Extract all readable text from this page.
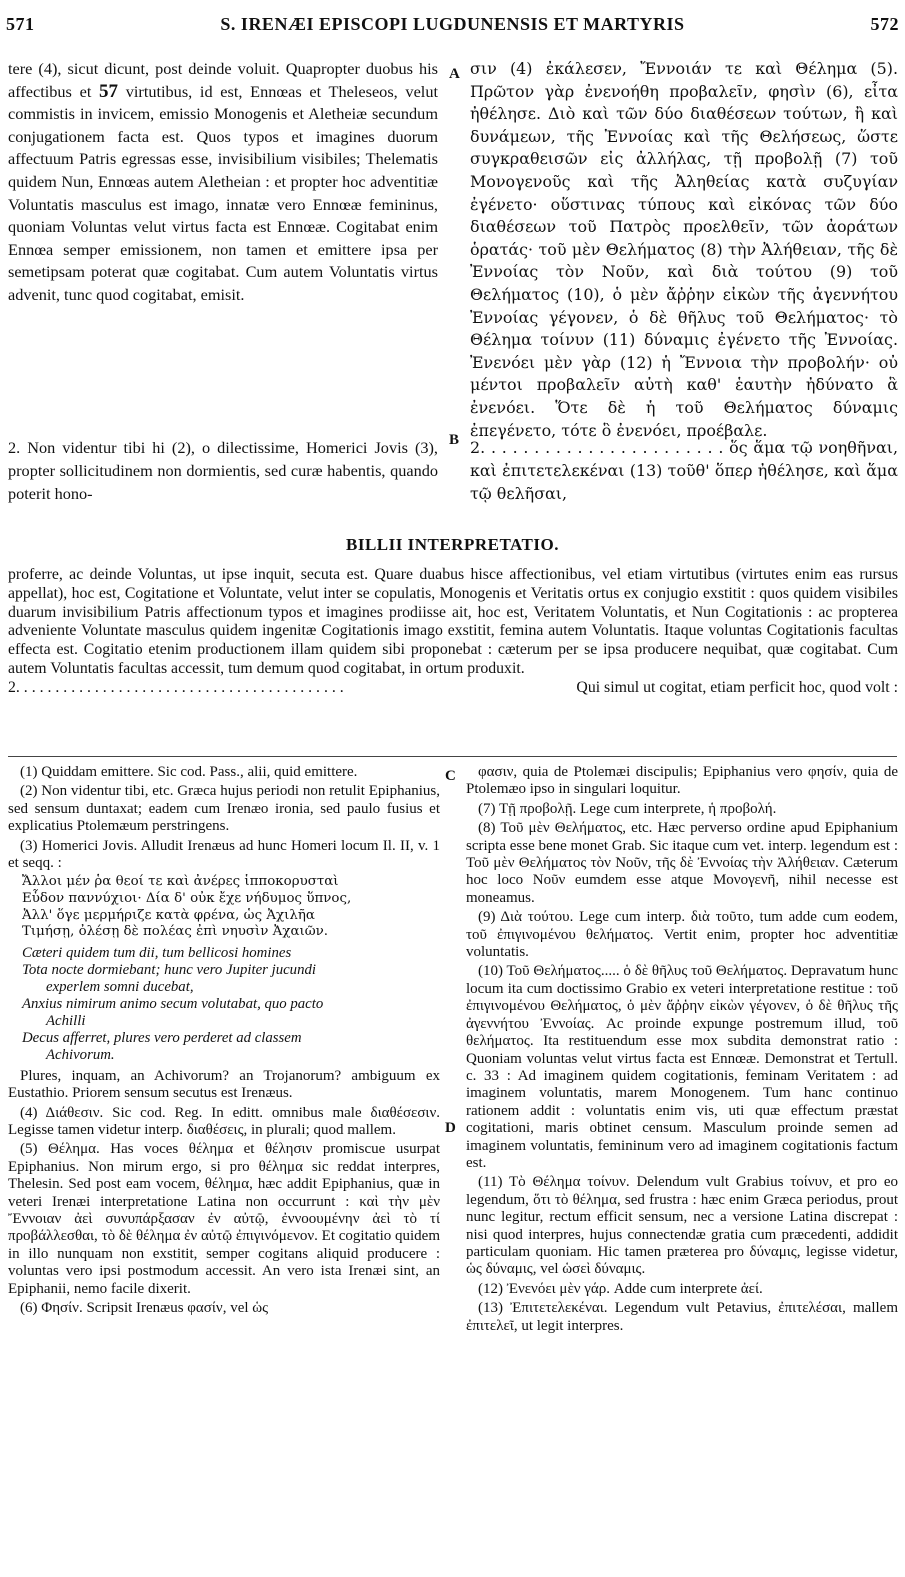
571	S. IRENÆI EPISCOPI LUGDUNENSIS ET MARTYRIS	572
A
B
C
D

tere (4), sicut dicunt, post deinde voluit. Quapropter duobus his affectibus et 57 virtutibus, id est, Ennœas et Theleseos, velut commistis in invicem, emissio Monogenis et Aletheiæ secundum conjugationem facta est. Quos typos et imagines duorum affectuum Patris egressas esse, invisibilium visibiles; Thelematis quidem Nun, Ennœas autem Aletheian : et propter hoc adventitiæ Voluntatis masculus est imago, innatæ vero Ennœæ femininus, quoniam Voluntas velut virtus facta est Ennœæ. Cogitabat enim Ennœa semper emissionem, non tamen et emittere ipsa per semetipsam poterat quæ cogitabat. Cum autem Voluntatis virtus advenit, tunc quod cogitabat, emisit.

σιν (4) ἐκάλεσεν, Ἔννοιάν τε καὶ Θέλημα (5). Πρῶτον γὰρ ἐνενοήθη προβαλεῖν, φησὶν (6), εἶτα ἠθέλησε. Διὸ καὶ τῶν δύο διαθέσεων τούτων, ἢ καὶ δυνάμεων, τῆς Ἐννοίας καὶ τῆς Θελήσεως, ὥστε συγκραθεισῶν εἰς ἀλλήλας, τῇ προβολῇ (7) τοῦ Μονογενοῦς καὶ τῆς Ἀληθείας κατὰ συζυγίαν ἐγένετο· οὕστινας τύπους καὶ εἰκόνας τῶν δύο διαθέσεων τοῦ Πατρὸς προελθεῖν, τῶν ἀοράτων ὁρατάς· τοῦ μὲν Θελήματος (8) τὴν Ἀλήθειαν, τῆς δὲ Ἐννοίας τὸν Νοῦν, καὶ διὰ τούτου (9) τοῦ Θελήματος (10), ὁ μὲν ἄῤῥην εἰκὼν τῆς ἀγεννήτου Ἐννοίας γέγονεν, ὁ δὲ θῆλυς τοῦ Θελήματος· τὸ Θέλημα τοίνυν (11) δύναμις ἐγένετο τῆς Ἐννοίας. Ἐνενόει μὲν γὰρ (12) ἡ Ἔννοια τὴν προβολήν· οὐ μέντοι προβαλεῖν αὐτὴ καθ' ἑαυτὴν ἠδύνατο ἃ ἐνενόει. Ὅτε δὲ ἡ τοῦ Θελήματος δύναμις ἐπεγένετο, τότε ὃ ἐνενόει, προέβαλε.

2. Non videntur tibi hi (2), o dilectissime, Homerici Jovis (3), propter sollicitudinem non dormientis, sed curæ habentis, quando poterit hono-

2. . . . . . . . . . . . . . . . . . . . . . . ὅς ἅμα τῷ νοηθῆναι, καὶ ἐπιτετελεκέναι (13) τοῦθ' ὅπερ ἠθέλησε, καὶ ἅμα τῷ θελῆσαι,

BILLII INTERPRETATIO.

proferre, ac deinde Voluntas, ut ipse inquit, secuta est. Quare duabus hisce affectionibus, vel etiam virtutibus (virtutes enim eas rursus appellat), hoc est, Cogitatione et Voluntate, velut inter se copulatis, Monogenis et Veritatis ortus ex conjugio exstitit : quos quidem visibiles duarum invisibilium Patris affectionum typos et imagines prodiisse ait, hoc est, Veritatem Voluntatis, et Nun Cogitationis : ac propterea adveniente Voluntate masculus quidem ingenitæ Cogitationis imago exstitit, femina autem Voluntatis. Itaque voluntas Cogitationis facultas effecta est. Cogitatio etenim productionem illam quidem sibi proponebat : cæterum per se ipsa producere nequibat, quæ cogitabat. Cum autem Voluntatis facultas accessit, tum demum quod cogitabat, in ortum produxit.

2. . . . . . . . . . . . . . . . . . . . . . . . . . . . . . . . . . . . . . . . . .	Qui simul ut cogitat, etiam perficit hoc, quod volt :

(1) Quiddam emittere. Sic cod. Pass., alii, quid emittere.

(2) Non videntur tibi, etc. Græca hujus periodi non retulit Epiphanius, sed sensum duntaxat; eadem cum Irenæo ironia, sed paulo fusius et explicatius Ptolemæum perstringens.

(3) Homerici Jovis. Alludit Irenæus ad hunc Homeri locum Il. II, v. 1 et seqq. :

Ἄλλοι μέν ῥα θεοί τε καὶ ἀνέρες ἱπποκορυσταὶ
Εὗδον παννύχιοι· Δία δ' οὐκ ἔχε νήδυμος ὕπνος,
Ἀλλ' ὅγε μερμήριζε κατὰ φρένα, ὡς Ἀχιλῆα
Τιμήσῃ, ὀλέσῃ δὲ πολέας ἐπὶ νηυσὶν Ἀχαιῶν.
Cæteri quidem tum dii, tum bellicosi homines
Tota nocte dormiebant; hunc vero Jupiter jucundi
experlem somni ducebat,
Anxius nimirum animo secum volutabat, quo pacto
Achilli
Decus afferret, plures vero perderet ad classem
Achivorum.

Plures, inquam, an Achivorum? an Trojanorum? ambiguum ex Eustathio. Priorem sensum secutus est Irenæus.

(4) Διάθεσιν. Sic cod. Reg. In editt. omnibus male διαθέσεσιν. Legisse tamen videtur interp. διαθέσεις, in plurali; quod mallem.

(5) Θέλημα. Has voces θέλημα et θέλησιν promiscue usurpat Epiphanius. Non mirum ergo, si pro θέλημα sic reddat interpres, Thelesin. Sed post eam vocem, θέλημα, hæc addit Epiphanius, quæ in veteri Irenæi interpretatione Latina non occurrunt : καὶ τὴν μὲν Ἔννοιαν ἀεὶ συνυπάρξασαν ἐν αὐτῷ, ἐννοουμένην ἀεὶ τὸ τί προβάλλεσθαι, τὸ δὲ θέλημα ἐν αὐτῷ ἐπιγινόμενον. Et cogitatio quidem in illo nunquam non exstitit, semper cogitans aliquid producere : voluntas vero ipsi postmodum accessit. An vero ista Irenæi sint, an Epiphanii, nemo facile dixerit.

(6) Φησίν. Scripsit Irenæus φασίν, vel ὡς

φασιν, quia de Ptolemæi discipulis; Epiphanius vero φησίν, quia de Ptolemæo ipso in singulari loquitur.

(7) Τῇ προβολῇ. Lege cum interprete, ἡ προβολή.

(8) Τοῦ μὲν Θελήματος, etc. Hæc perverso ordine apud Epiphanium scripta esse bene monet Grab. Sic itaque cum vet. interp. legendum est : Τοῦ μὲν Θελήματος τὸν Νοῦν, τῆς δὲ Ἐννοίας τὴν Ἀλήθειαν. Cæterum hoc loco Νοῦν eumdem esse atque Μονογενῆ, nihil necesse est moneamus.

(9) Διὰ τούτου. Lege cum interp. διὰ τοῦτο, tum adde cum eodem, τοῦ ἐπιγινομένου θελήματος. Vertit enim, propter hoc adventitiæ voluntatis.

(10) Τοῦ Θελήματος..... ὁ δὲ θῆλυς τοῦ Θελήματος. Depravatum hunc locum ita cum doctissimo Grabio ex veteri interpretatione restitue : τοῦ ἐπιγινομένου Θελήματος, ὁ μὲν ἄῤῥην εἰκὼν γέγονεν, ὁ δὲ θῆλυς τῆς ἀγεννήτου Ἐννοίας. Ac proinde expunge postremum illud, τοῦ θελήματος. Ita restituendum esse mox subdita demonstrat ratio : Quoniam voluntas velut virtus facta est Ennœæ. Demonstrat et Tertull. c. 33 : Ad imaginem quidem cogitationis, feminam Veritatem : ad imaginem voluntatis, marem Monogenem. Tum hanc continuo rationem addit : voluntatis enim vis, uti quæ effectum præstat cogitationi, maris obtinet censum. Masculum proinde semen ad imaginem voluntatis, femininum vero ad imaginem cogitationis factum est.

(11) Τὸ Θέλημα τοίνυν. Delendum vult Grabius τοίνυν, et pro eo legendum, ὅτι τὸ θέλημα, sed frustra : hæc enim Græca periodus, prout nunc legitur, rectum efficit sensum, nec a versione Latina discrepat : nisi quod interpres, hujus connectendæ gratia cum præcedenti, addidit particulam quoniam. Hic tamen præterea pro δύναμις, legisse videtur, ὡς δύναμις, vel ὡσεὶ δύναμις.

(12) Ἐνενόει μὲν γάρ. Adde cum interprete ἀεί.

(13) Ἐπιτετελεκέναι. Legendum vult Petavius, ἐπιτελέσαι, mallem ἐπιτελεῖ, ut legit interpres.
